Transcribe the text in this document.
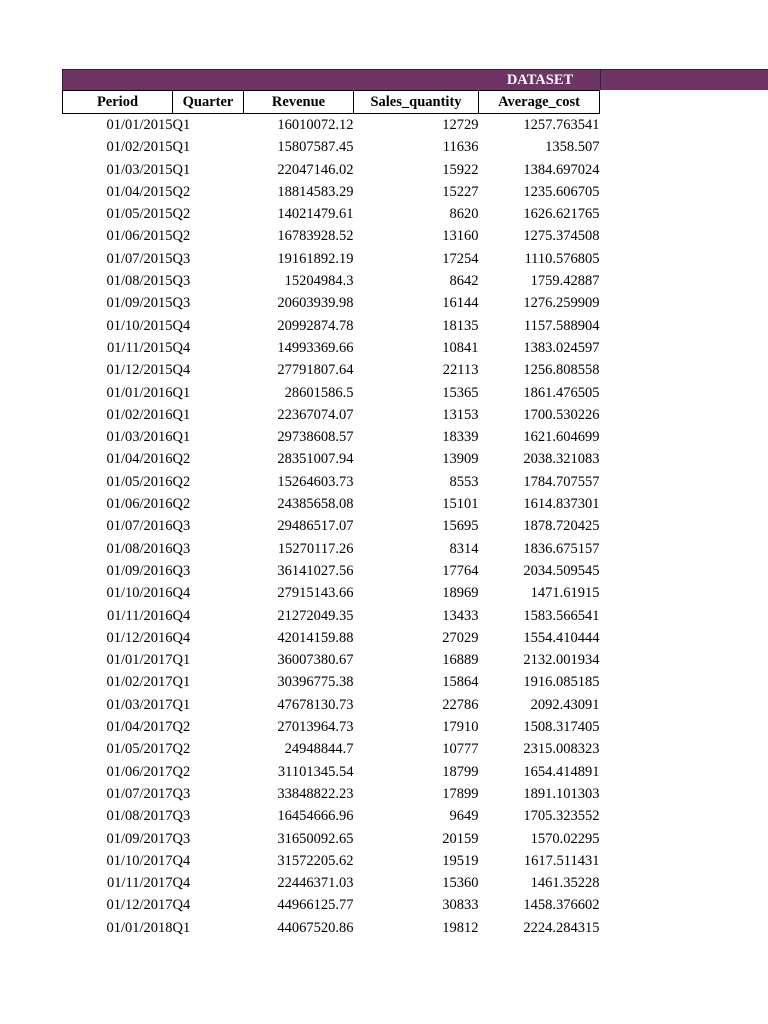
DATASET
Period	Quarter	Revenue	Sales_quantity	Average_cost
01/01/2015	Q1	16010072.12	12729	1257.763541
01/02/2015	Q1	15807587.45	11636	1358.507
01/03/2015	Q1	22047146.02	15922	1384.697024
01/04/2015	Q2	18814583.29	15227	1235.606705
01/05/2015	Q2	14021479.61	8620	1626.621765
01/06/2015	Q2	16783928.52	13160	1275.374508
01/07/2015	Q3	19161892.19	17254	1110.576805
01/08/2015	Q3	15204984.3	8642	1759.42887
01/09/2015	Q3	20603939.98	16144	1276.259909
01/10/2015	Q4	20992874.78	18135	1157.588904
01/11/2015	Q4	14993369.66	10841	1383.024597
01/12/2015	Q4	27791807.64	22113	1256.808558
01/01/2016	Q1	28601586.5	15365	1861.476505
01/02/2016	Q1	22367074.07	13153	1700.530226
01/03/2016	Q1	29738608.57	18339	1621.604699
01/04/2016	Q2	28351007.94	13909	2038.321083
01/05/2016	Q2	15264603.73	8553	1784.707557
01/06/2016	Q2	24385658.08	15101	1614.837301
01/07/2016	Q3	29486517.07	15695	1878.720425
01/08/2016	Q3	15270117.26	8314	1836.675157
01/09/2016	Q3	36141027.56	17764	2034.509545
01/10/2016	Q4	27915143.66	18969	1471.61915
01/11/2016	Q4	21272049.35	13433	1583.566541
01/12/2016	Q4	42014159.88	27029	1554.410444
01/01/2017	Q1	36007380.67	16889	2132.001934
01/02/2017	Q1	30396775.38	15864	1916.085185
01/03/2017	Q1	47678130.73	22786	2092.43091
01/04/2017	Q2	27013964.73	17910	1508.317405
01/05/2017	Q2	24948844.7	10777	2315.008323
01/06/2017	Q2	31101345.54	18799	1654.414891
01/07/2017	Q3	33848822.23	17899	1891.101303
01/08/2017	Q3	16454666.96	9649	1705.323552
01/09/2017	Q3	31650092.65	20159	1570.02295
01/10/2017	Q4	31572205.62	19519	1617.511431
01/11/2017	Q4	22446371.03	15360	1461.35228
01/12/2017	Q4	44966125.77	30833	1458.376602
01/01/2018	Q1	44067520.86	19812	2224.284315
